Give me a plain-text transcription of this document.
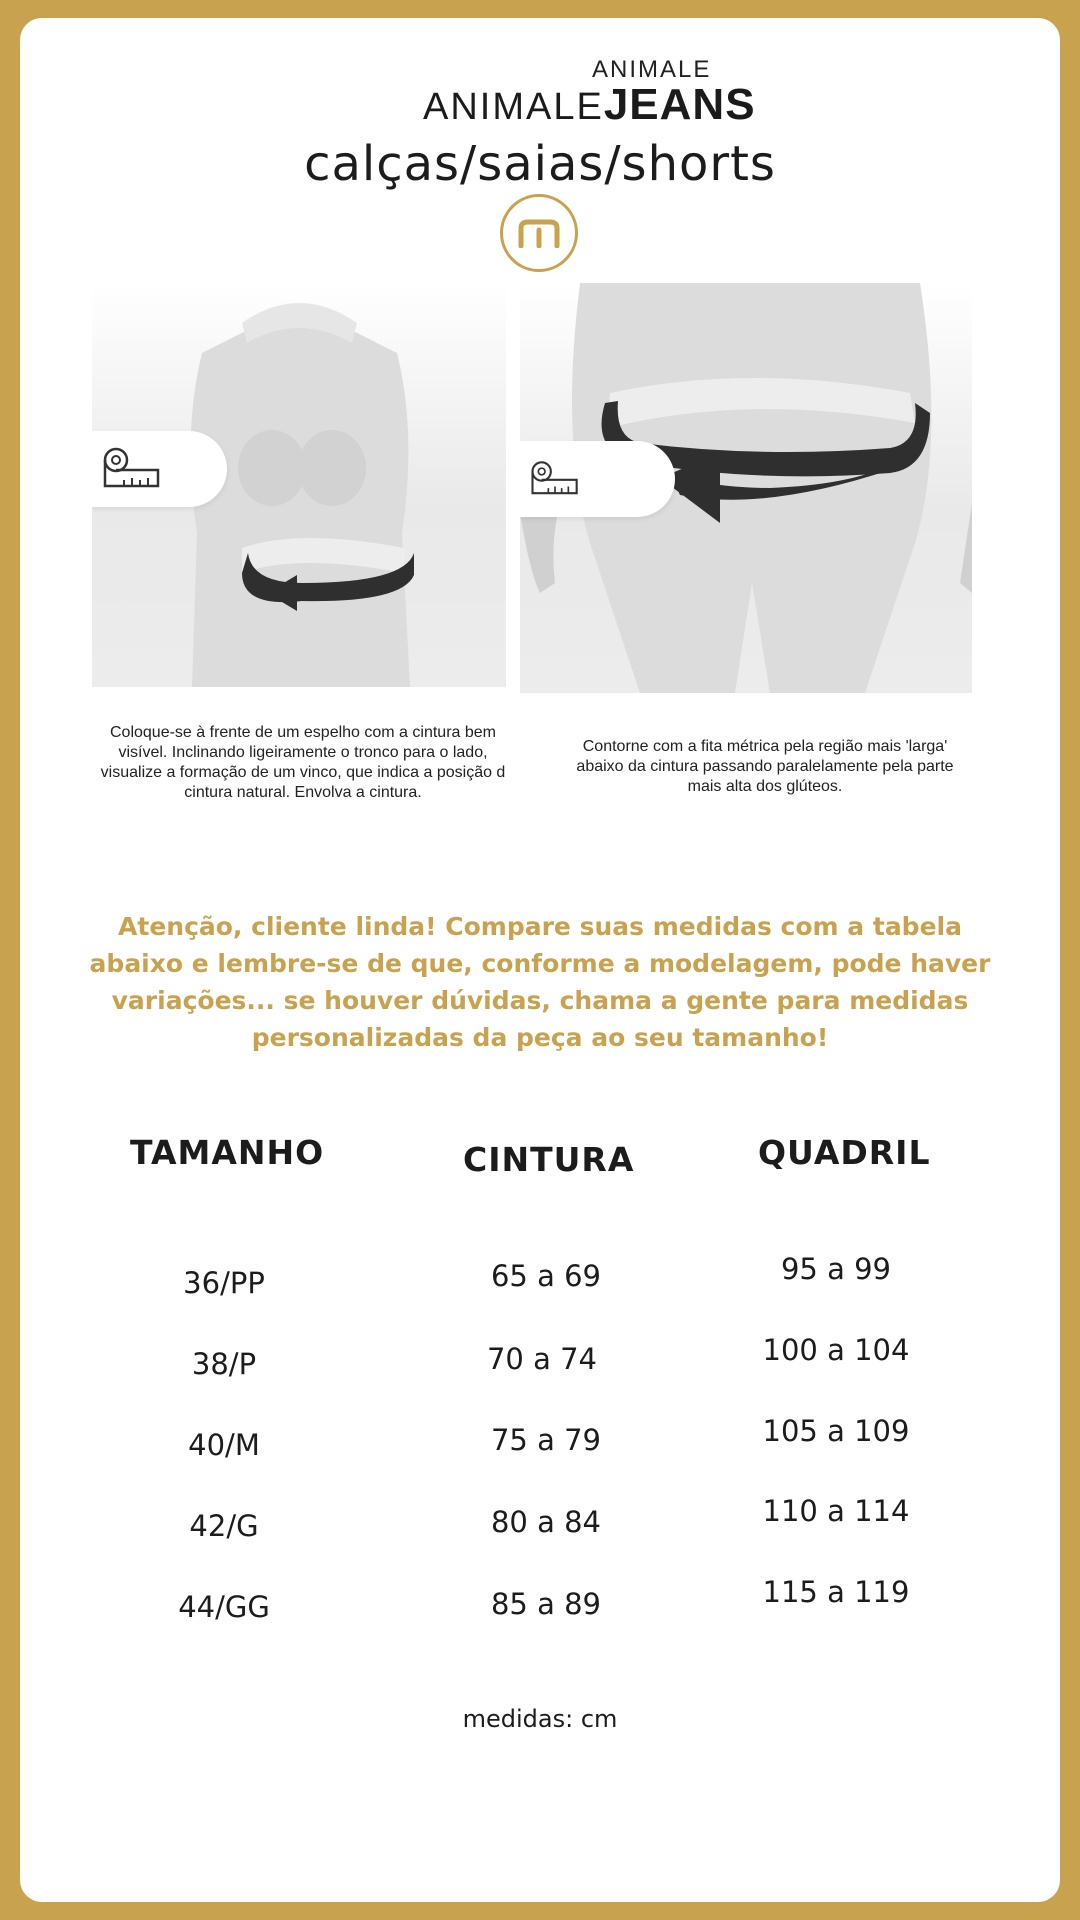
ANIMALE
ANIMALEJEANS
calças/saias/shorts
Coloque-se à frente de um espelho com a cintura bem visível. Inclinando ligeiramente o tronco para o lado, visualize a formação de um vinco, que indica a posição d cintura natural. Envolva a cintura.
Contorne com a fita métrica pela região mais 'larga' abaixo da cintura passando paralelamente pela parte mais alta dos glúteos.
Atenção, cliente linda! Compare suas medidas com a tabela abaixo e lembre-se de que, conforme a modelagem, pode haver variações... se houver dúvidas, chama a gente para medidas personalizadas da peça ao seu tamanho!
TAMANHO	CINTURA	QUADRIL
36/PP	65 a 69	95 a 99
38/P	70 a 74	100 a 104
40/M	75 a 79	105 a 109
42/G	80 a 84	110 a 114
44/GG	85 a 89	115 a 119
medidas: cm
